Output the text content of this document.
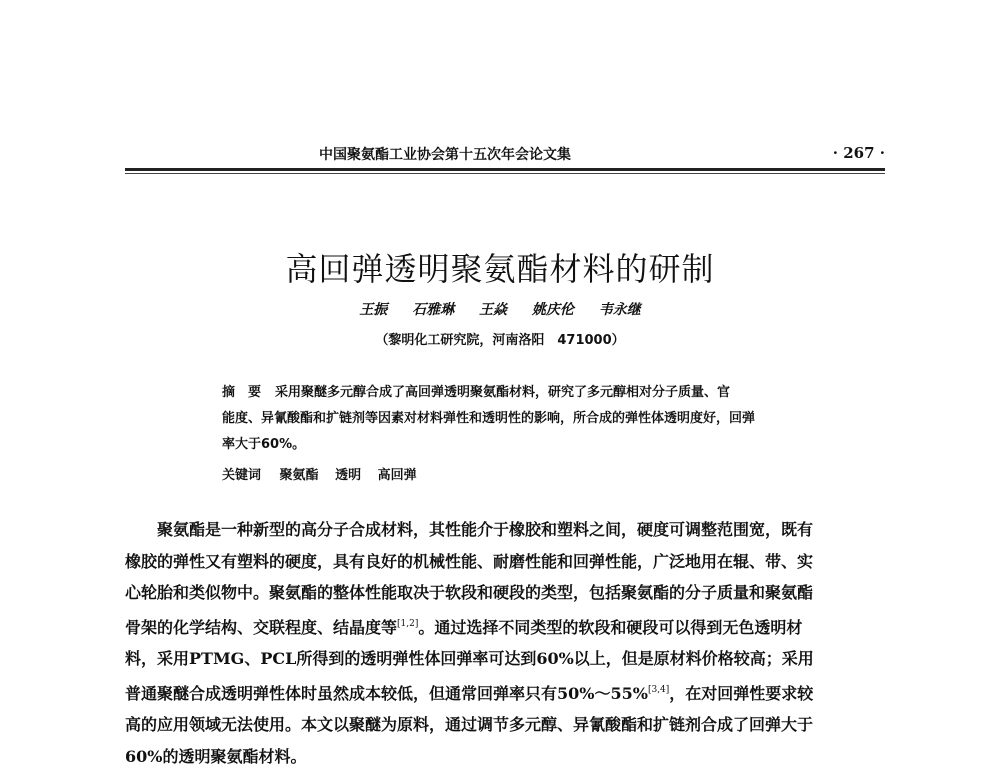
中国聚氨酯工业协会第十五次年会论文集	· 267 ·
高回弹透明聚氨酯材料的研制
王振 石雅琳 王焱 姚庆伦 韦永继
（黎明化工研究院，河南洛阳　471000）
摘　要 采用聚醚多元醇合成了高回弹透明聚氨酯材料，研究了多元醇相对分子质量、官
能度、异氰酸酯和扩链剂等因素对材料弹性和透明性的影响，所合成的弹性体透明度好，回弹
率大于60%。
关键词 聚氨酯 透明 高回弹
聚氨酯是一种新型的高分子合成材料，其性能介于橡胶和塑料之间，硬度可调整范围宽，既有
橡胶的弹性又有塑料的硬度，具有良好的机械性能、耐磨性能和回弹性能，广泛地用在辊、带、实
心轮胎和类似物中。聚氨酯的整体性能取决于软段和硬段的类型，包括聚氨酯的分子质量和聚氨酯
骨架的化学结构、交联程度、结晶度等[1,2]。通过选择不同类型的软段和硬段可以得到无色透明材
料，采用PTMG、PCL所得到的透明弹性体回弹率可达到60%以上，但是原材料价格较高；采用
普通聚醚合成透明弹性体时虽然成本较低，但通常回弹率只有50%～55%[3,4]，在对回弹性要求较
高的应用领域无法使用。本文以聚醚为原料，通过调节多元醇、异氰酸酯和扩链剂合成了回弹大于
60%的透明聚氨酯材料。
